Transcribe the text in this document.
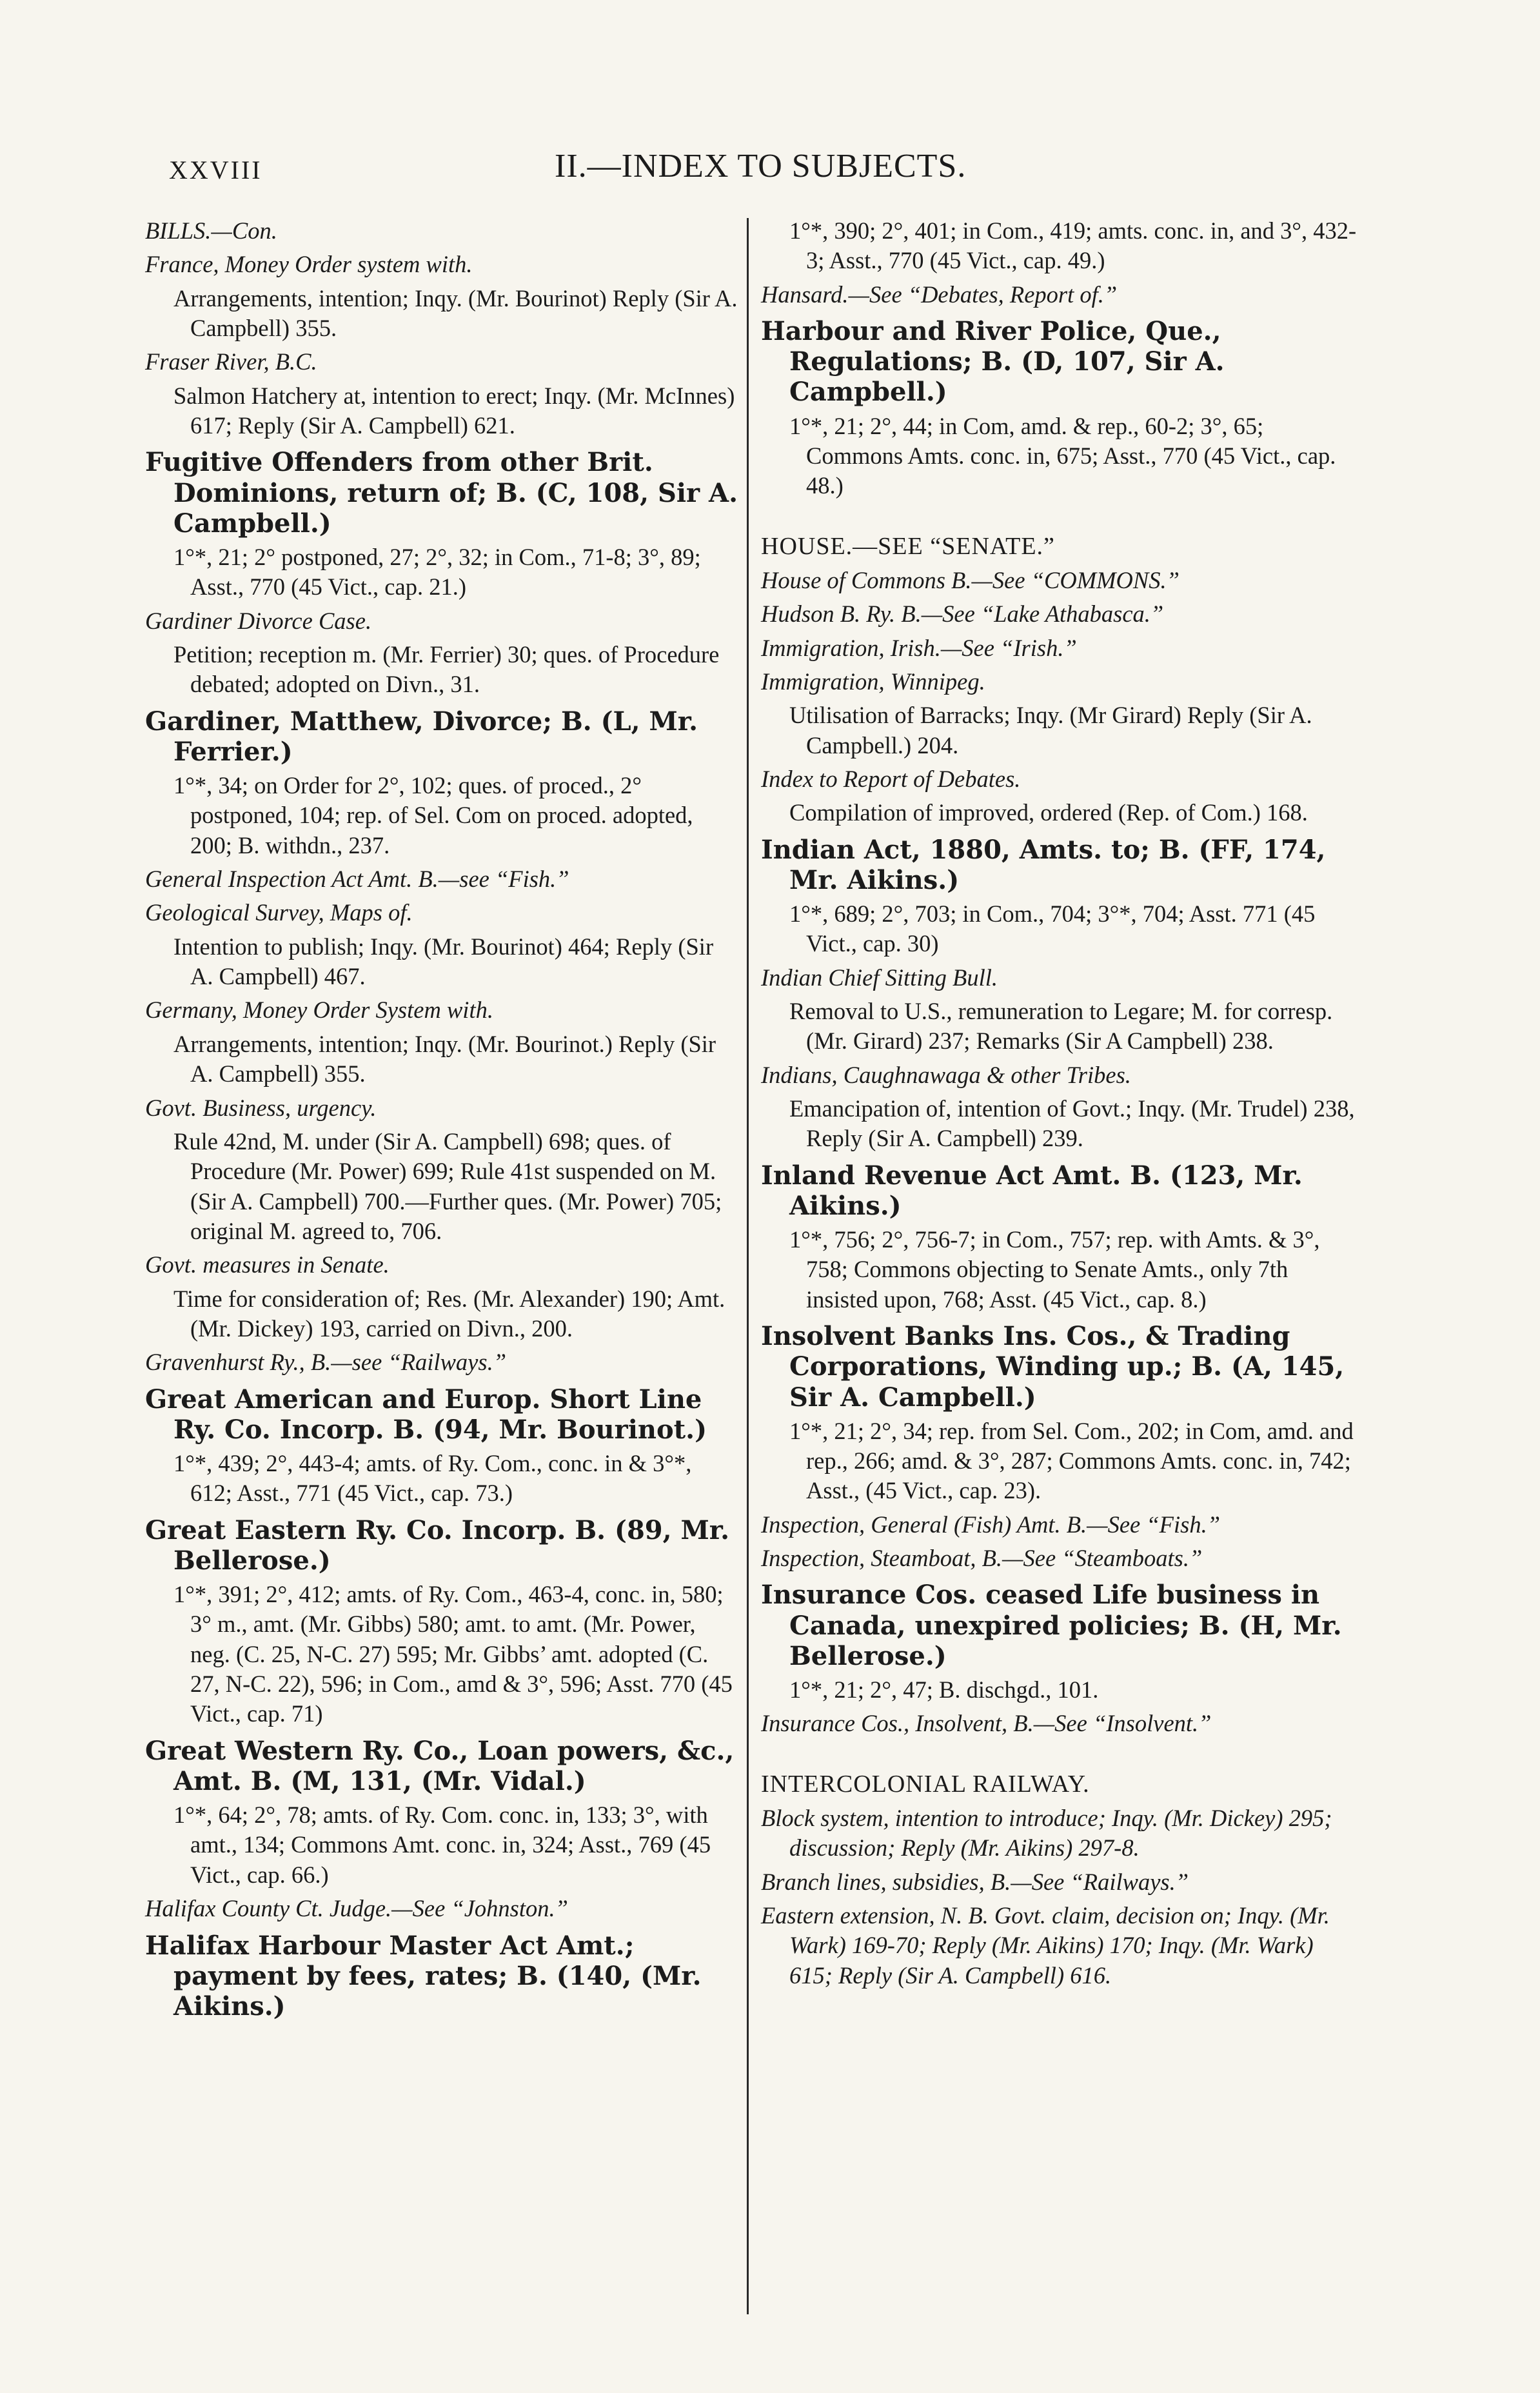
XXVIII	II.—INDEX TO SUBJECTS.
BILLS.—Con.
France, Money Order system with.
Arrangements, intention; Inqy. (Mr. Bourinot) Reply (Sir A. Campbell) 355.
Fraser River, B.C.
Salmon Hatchery at, intention to erect; Inqy. (Mr. McInnes) 617; Reply (Sir A. Campbell) 621.
Fugitive Offenders from other Brit. Dominions, return of; B. (C, 108, Sir A. Campbell.)
1°*, 21; 2° postponed, 27; 2°, 32; in Com., 71-8; 3°, 89; Asst., 770 (45 Vict., cap. 21.)
Gardiner Divorce Case.
Petition; reception m. (Mr. Ferrier) 30; ques. of Procedure debated; adopted on Divn., 31.
Gardiner, Matthew, Divorce; B. (L, Mr. Ferrier.)
1°*, 34; on Order for 2°, 102; ques. of proced., 2° postponed, 104; rep. of Sel. Com on proced. adopted, 200; B. withdn., 237.
General Inspection Act Amt. B.—see “Fish.”
Geological Survey, Maps of.
Intention to publish; Inqy. (Mr. Bourinot) 464; Reply (Sir A. Campbell) 467.
Germany, Money Order System with.
Arrangements, intention; Inqy. (Mr. Bourinot.) Reply (Sir A. Campbell) 355.
Govt. Business, urgency.
Rule 42nd, M. under (Sir A. Campbell) 698; ques. of Procedure (Mr. Power) 699; Rule 41st suspended on M. (Sir A. Campbell) 700.—Further ques. (Mr. Power) 705; original M. agreed to, 706.
Govt. measures in Senate.
Time for consideration of; Res. (Mr. Alexander) 190; Amt. (Mr. Dickey) 193, carried on Divn., 200.
Gravenhurst Ry., B.—see “Railways.”
Great American and Europ. Short Line Ry. Co. Incorp. B. (94, Mr. Bourinot.)
1°*, 439; 2°, 443-4; amts. of Ry. Com., conc. in & 3°*, 612; Asst., 771 (45 Vict., cap. 73.)
Great Eastern Ry. Co. Incorp. B. (89, Mr. Bellerose.)
1°*, 391; 2°, 412; amts. of Ry. Com., 463-4, conc. in, 580; 3° m., amt. (Mr. Gibbs) 580; amt. to amt. (Mr. Power, neg. (C. 25, N-C. 27) 595; Mr. Gibbs’ amt. adopted (C. 27, N-C. 22), 596; in Com., amd & 3°, 596; Asst. 770 (45 Vict., cap. 71)
Great Western Ry. Co., Loan powers, &c., Amt. B. (M, 131, (Mr. Vidal.)
1°*, 64; 2°, 78; amts. of Ry. Com. conc. in, 133; 3°, with amt., 134; Commons Amt. conc. in, 324; Asst., 769 (45 Vict., cap. 66.)
Halifax County Ct. Judge.—See “Johnston.”
Halifax Harbour Master Act Amt.; payment by fees, rates; B. (140, (Mr. Aikins.)
1°*, 390; 2°, 401; in Com., 419; amts. conc. in, and 3°, 432-3; Asst., 770 (45 Vict., cap. 49.)
Hansard.—See “Debates, Report of.”
Harbour and River Police, Que., Regulations; B. (D, 107, Sir A. Campbell.)
1°*, 21; 2°, 44; in Com, amd. & rep., 60-2; 3°, 65; Commons Amts. conc. in, 675; Asst., 770 (45 Vict., cap. 48.)
HOUSE.—SEE “SENATE.”
House of Commons B.—See “COMMONS.”
Hudson B. Ry. B.—See “Lake Athabasca.”
Immigration, Irish.—See “Irish.”
Immigration, Winnipeg.
Utilisation of Barracks; Inqy. (Mr Girard) Reply (Sir A. Campbell.) 204.
Index to Report of Debates.
Compilation of improved, ordered (Rep. of Com.) 168.
Indian Act, 1880, Amts. to; B. (FF, 174, Mr. Aikins.)
1°*, 689; 2°, 703; in Com., 704; 3°*, 704; Asst. 771 (45 Vict., cap. 30)
Indian Chief Sitting Bull.
Removal to U.S., remuneration to Legare; M. for corresp. (Mr. Girard) 237; Remarks (Sir A Campbell) 238.
Indians, Caughnawaga & other Tribes.
Emancipation of, intention of Govt.; Inqy. (Mr. Trudel) 238, Reply (Sir A. Campbell) 239.
Inland Revenue Act Amt. B. (123, Mr. Aikins.)
1°*, 756; 2°, 756-7; in Com., 757; rep. with Amts. & 3°, 758; Commons objecting to Senate Amts., only 7th insisted upon, 768; Asst. (45 Vict., cap. 8.)
Insolvent Banks Ins. Cos., & Trading Corporations, Winding up.; B. (A, 145, Sir A. Campbell.)
1°*, 21; 2°, 34; rep. from Sel. Com., 202; in Com, amd. and rep., 266; amd. & 3°, 287; Commons Amts. conc. in, 742; Asst., (45 Vict., cap. 23).
Inspection, General (Fish) Amt. B.—See “Fish.”
Inspection, Steamboat, B.—See “Steamboats.”
Insurance Cos. ceased Life business in Canada, unexpired policies; B. (H, Mr. Bellerose.)
1°*, 21; 2°, 47; B. dischgd., 101.
Insurance Cos., Insolvent, B.—See “Insolvent.”
INTERCOLONIAL RAILWAY.
Block system, intention to introduce; Inqy. (Mr. Dickey) 295; discussion; Reply (Mr. Aikins) 297-8.
Branch lines, subsidies, B.—See “Railways.”
Eastern extension, N. B. Govt. claim, decision on; Inqy. (Mr. Wark) 169-70; Reply (Mr. Aikins) 170; Inqy. (Mr. Wark) 615; Reply (Sir A. Campbell) 616.
